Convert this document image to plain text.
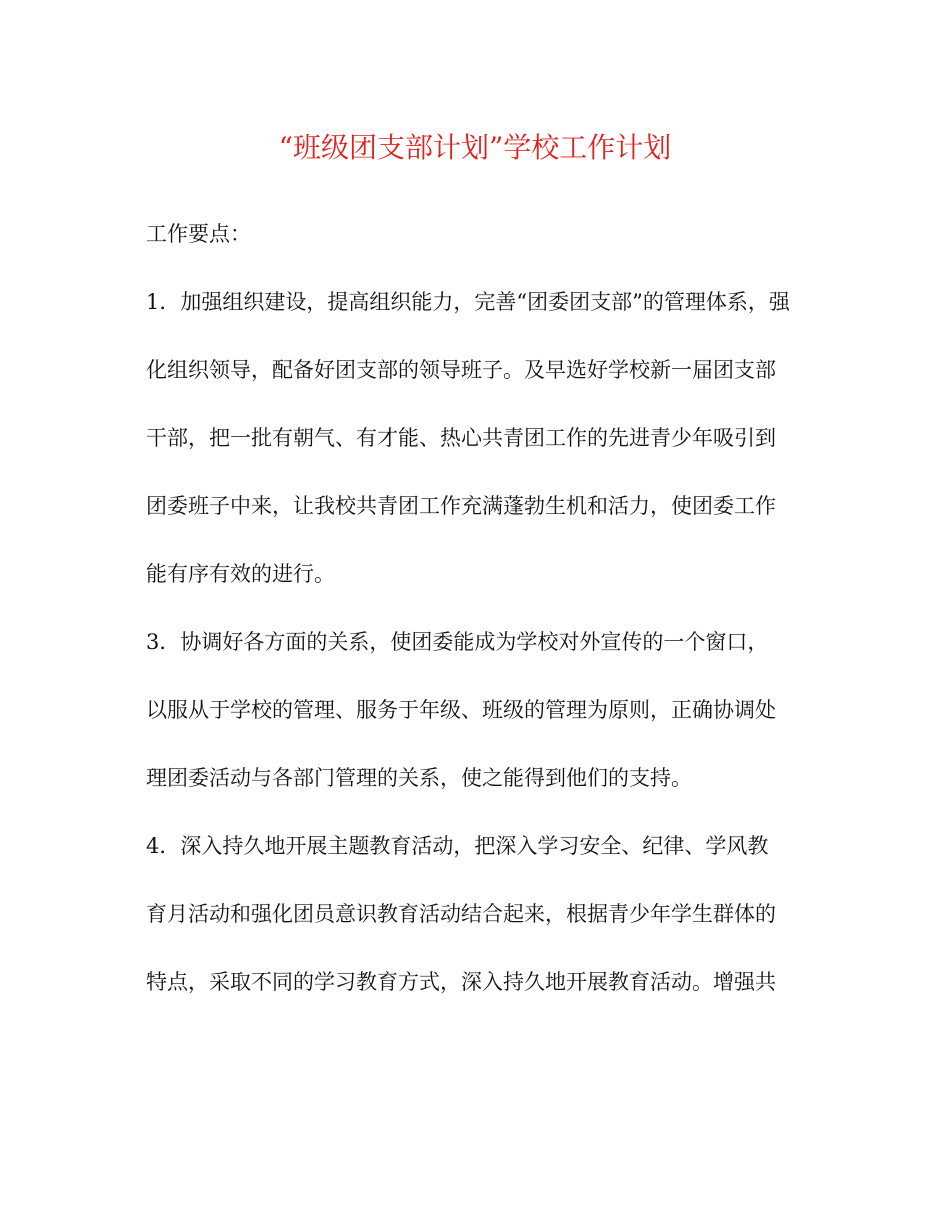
“班级团支部计划”学校工作计划
工作要点：
1．加强组织建设，提高组织能力，完善“团委团支部”的管理体系，强
化组织领导，配备好团支部的领导班子。及早选好学校新一届团支部
干部，把一批有朝气、有才能、热心共青团工作的先进青少年吸引到
团委班子中来，让我校共青团工作充满蓬勃生机和活力，使团委工作
能有序有效的进行。
3．协调好各方面的关系，使团委能成为学校对外宣传的一个窗口，
以服从于学校的管理、服务于年级、班级的管理为原则，正确协调处
理团委活动与各部门管理的关系，使之能得到他们的支持。
4．深入持久地开展主题教育活动，把深入学习安全、纪律、学风教
育月活动和强化团员意识教育活动结合起来，根据青少年学生群体的
特点，采取不同的学习教育方式，深入持久地开展教育活动。增强共
